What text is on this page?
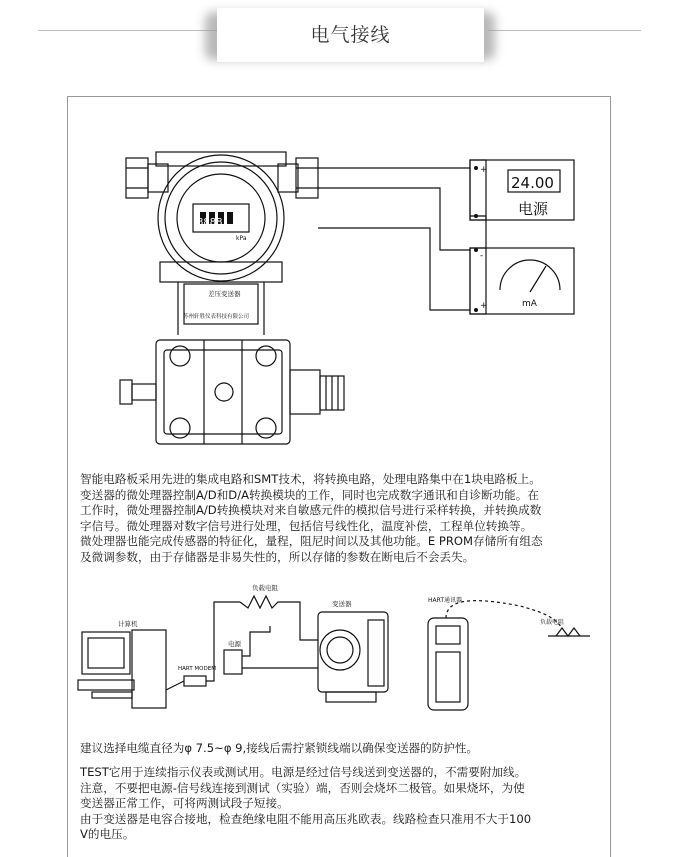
电气接线
8888
kPa
差压变送器
苏州轩胜仪表科技有限公司
24.00
电源
mA
+
-
-
+
计算机
HART MODEM
负载电阻
电源
变送器	HART通讯器
负载电阻

智能电路板采用先进的集成电路和SMT技术，将转换电路，处理电路集中在1块电路板上。
变送器的微处理器控制A/D和D/A转换模块的工作，同时也完成数字通讯和自诊断功能。在
工作时，微处理器控制A/D转换模块对来自敏感元件的模拟信号进行采样转换，并转换成数
字信号。微处理器对数字信号进行处理，包括信号线性化，温度补偿，工程单位转换等。
微处理器也能完成传感器的特征化，量程，阻尼时间以及其他功能。E PROM存储所有组态
及微调参数，由于存储器是非易失性的，所以存储的参数在断电后不会丢失。

建议选择电缆直径为φ 7.5~φ 9,接线后需拧紧锁线端以确保变送器的防护性。

TEST它用于连续指示仪表或测试用。电源是经过信号线送到变送器的，不需要附加线。
注意，不要把电源-信号线连接到测试（实验）端，否则会烧坏二极管。如果烧坏，为使
变送器正常工作，可将两测试段子短接。
由于变送器是电容合接地，检查绝缘电阻不能用高压兆欧表。线路检查只准用不大于100
V的电压。
